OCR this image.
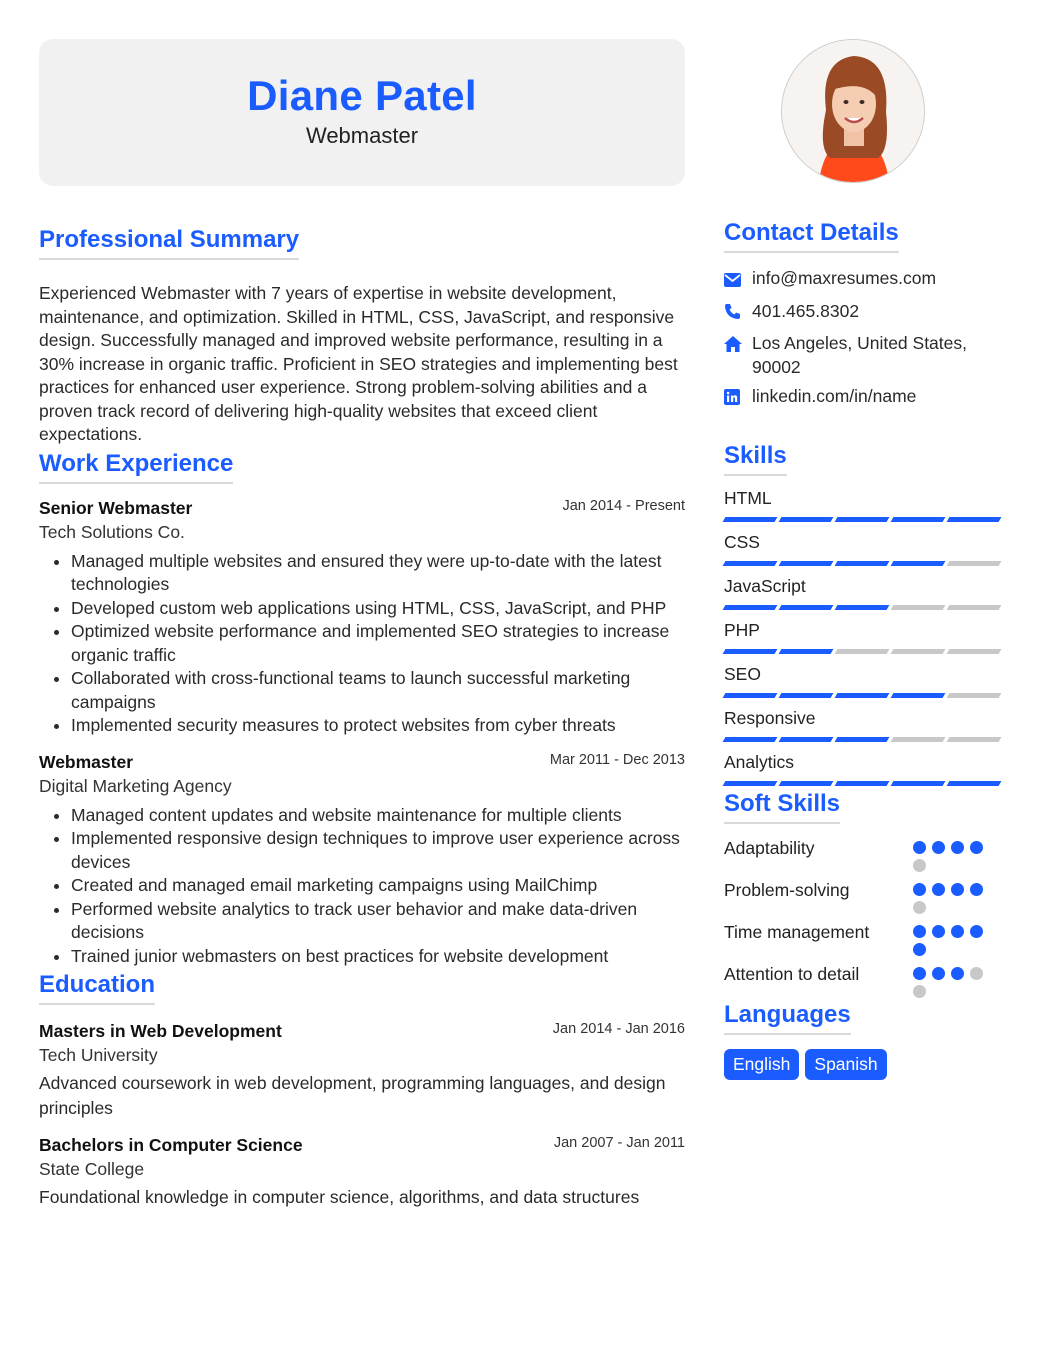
Diane Patel
Webmaster
Professional Summary

Experienced Webmaster with 7 years of expertise in website development, maintenance, and optimization. Skilled in HTML, CSS, JavaScript, and responsive design. Successfully managed and improved website performance, resulting in a 30% increase in organic traffic. Proficient in SEO strategies and implementing best practices for enhanced user experience. Strong problem-solving abilities and a proven track record of delivering high-quality websites that exceed client expectations.

Work Experience
Senior Webmaster	Jan 2014 - Present
Tech Solutions Co.
• Managed multiple websites and ensured they were up-to-date with the latest technologies
• Developed custom web applications using HTML, CSS, JavaScript, and PHP
• Optimized website performance and implemented SEO strategies to increase organic traffic
• Collaborated with cross-functional teams to launch successful marketing campaigns
• Implemented security measures to protect websites from cyber threats
Webmaster	Mar 2011 - Dec 2013
Digital Marketing Agency
• Managed content updates and website maintenance for multiple clients
• Implemented responsive design techniques to improve user experience across devices
• Created and managed email marketing campaigns using MailChimp
• Performed website analytics to track user behavior and make data-driven decisions
• Trained junior webmasters on best practices for website development
Education
Masters in Web Development	Jan 2014 - Jan 2016
Tech University

Advanced coursework in web development, programming languages, and design principles

Bachelors in Computer Science	Jan 2007 - Jan 2011
State College

Foundational knowledge in computer science, algorithms, and data structures

Contact Details
info@maxresumes.com
401.465.8302
Los Angeles, United States, 90002
linkedin.com/in/name
Skills
HTML
CSS
JavaScript
PHP
SEO
Responsive
Analytics
Soft Skills
Adaptability
Problem-solving
Time management
Attention to detail
Languages
English	Spanish
